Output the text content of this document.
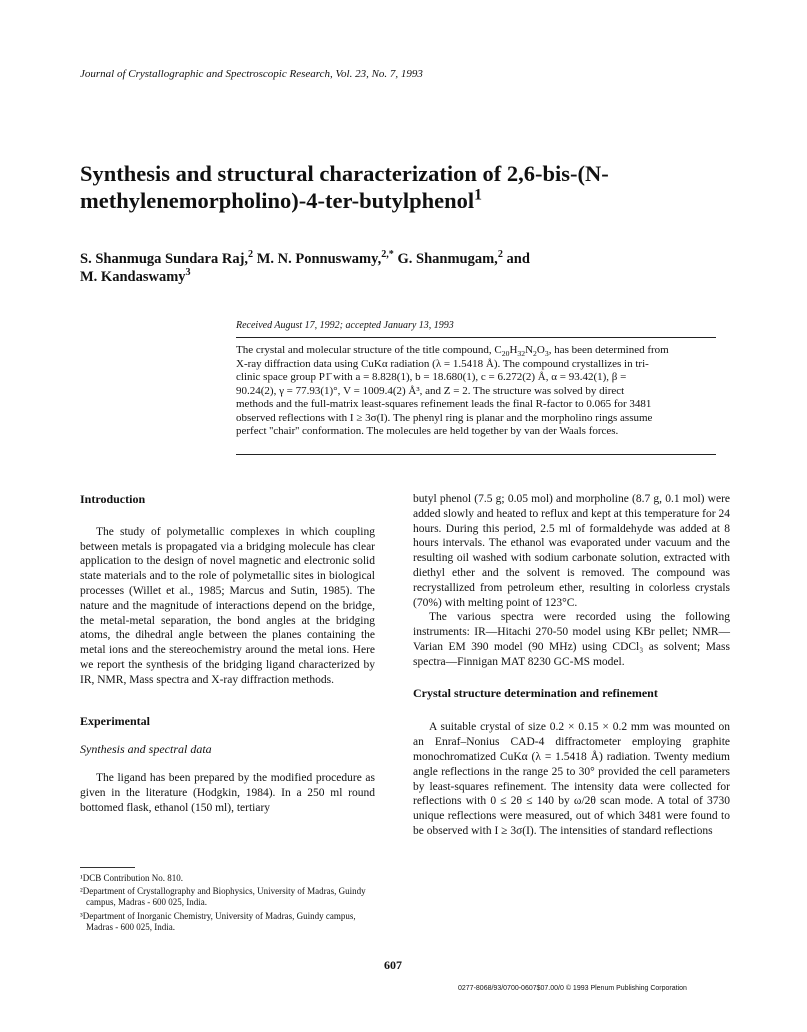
Journal of Crystallographic and Spectroscopic Research, Vol. 23, No. 7, 1993
Synthesis and structural characterization of 2,6-bis-(N-methylenemorpholino)-4-ter-butylphenol$^1$
S. Shanmuga Sundara Raj,$^2$ M. N. Ponnuswamy,$^{2,*}$ G. Shanmugam,$^2$ and
M. Kandaswamy$^3$
Received August 17, 1992; accepted January 13, 1993
The crystal and molecular structure of the title compound, $C_{20}H_{32}N_2O_3$, has been determined from
X-ray diffraction data using CuKα radiation (λ = 1.5418 Å). The compound crystallizes in tri-
clinic space group P1̄ with a = 8.828(1), b = 18.680(1), c = 6.272(2) Å, α = 93.42(1), β =
90.24(2), γ = 77.93(1)°, V = 1009.4(2) Å³, and Z = 2. The structure was solved by direct
methods and the full-matrix least-squares refinement leads the final R-factor to 0.065 for 3481
observed reflections with I ≥ 3σ(I). The phenyl ring is planar and the morpholino rings assume
perfect ''chair'' conformation. The molecules are held together by van der Waals forces.
Introduction

The study of polymetallic complexes in which coupling between metals is propagated via a bridging molecule has clear application to the design of novel magnetic and electronic solid state materials and to the role of polymetallic sites in biological processes (Willet et al., 1985; Marcus and Sutin, 1985). The nature and the magnitude of interactions depend on the bridge, the metal-metal separation, the bond angles at the bridging atoms, the dihedral angle between the planes containing the metal ions and the stereochemistry around the metal ions. Here we report the synthesis of the bridging ligand characterized by IR, NMR, Mass spectra and X-ray diffraction methods.

Experimental
Synthesis and spectral data

The ligand has been prepared by the modified procedure as given in the literature (Hodgkin, 1984). In a 250 ml round bottomed flask, ethanol (150 ml), tertiary

¹DCB Contribution No. 810.
²Department of Crystallography and Biophysics, University of Madras, Guindy campus, Madras - 600 025, India.
³Department of Inorganic Chemistry, University of Madras, Guindy campus, Madras - 600 025, India.

butyl phenol (7.5 g; 0.05 mol) and morpholine (8.7 g, 0.1 mol) were added slowly and heated to reflux and kept at this temperature for 24 hours. During this period, 2.5 ml of formaldehyde was added at 8 hours intervals. The ethanol was evaporated under vacuum and the resulting oil washed with sodium carbonate solution, extracted with diethyl ether and the solvent is removed. The compound was recrystallized from petroleum ether, resulting in colorless crystals (70%) with melting point of 123°C.

The various spectra were recorded using the following instruments: IR—Hitachi 270-50 model using KBr pellet; NMR—Varian EM 390 model (90 MHz) using CDCl₃ as solvent; Mass spectra—Finnigan MAT 8230 GC-MS model.

Crystal structure determination and refinement

A suitable crystal of size 0.2 × 0.15 × 0.2 mm was mounted on an Enraf–Nonius CAD-4 diffractometer employing graphite monochromatized CuKα (λ = 1.5418 Å) radiation. Twenty medium angle reflections in the range 25 to 30° provided the cell parameters by least-squares refinement. The intensity data were collected for reflections with 0 ≤ 2θ ≤ 140 by ω/2θ scan mode. A total of 3730 unique reflections were measured, out of which 3481 were found to be observed with I ≥ 3σ(I). The intensities of standard reflections

607
0277-8068/93/0700-0607$07.00/0 © 1993 Plenum Publishing Corporation
